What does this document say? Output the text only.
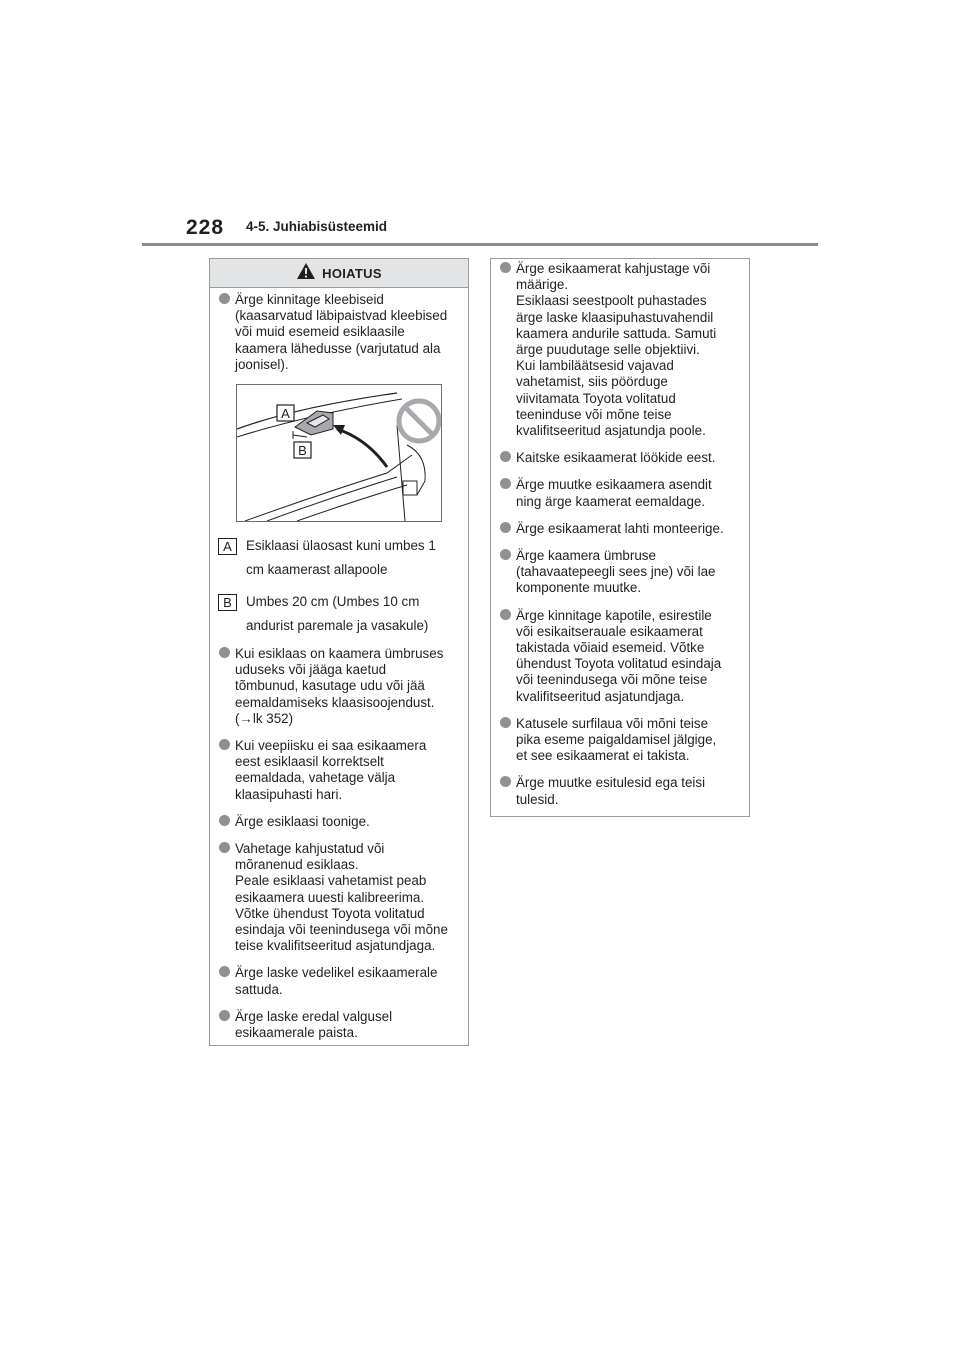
228 4-5. Juhiabisüsteemid
HOIATUS
Ärge kinnitage kleebiseid
(kaasarvatud läbipaistvad kleebised
või muid esemeid esiklaasile
kaamera lähedusse (varjutatud ala
joonisel).
A
B
A	Esiklaasi ülaosast kuni umbes 1
cm kaamerast allapoole
B	Umbes 20 cm (Umbes 10 cm
andurist paremale ja vasakule)
Kui esiklaas on kaamera ümbruses
uduseks või jääga kaetud
tõmbunud, kasutage udu või jää
eemaldamiseks klaasisoojendust.
(→lk 352)
Kui veepiisku ei saa esikaamera
eest esiklaasil korrektselt
eemaldada, vahetage välja
klaasipuhasti hari.
Ärge esiklaasi toonige.
Vahetage kahjustatud või
mõranenud esiklaas.
Peale esiklaasi vahetamist peab
esikaamera uuesti kalibreerima.
Võtke ühendust Toyota volitatud
esindaja või teenindusega või mõne
teise kvalifitseeritud asjatundjaga.
Ärge laske vedelikel esikaamerale
sattuda.
Ärge laske eredal valgusel
esikaamerale paista.
Ärge esikaamerat kahjustage või
määrige.
Esiklaasi seestpoolt puhastades
ärge laske klaasipuhastuvahendil
kaamera andurile sattuda. Samuti
ärge puudutage selle objektiivi.
Kui lambiläätsesid vajavad
vahetamist, siis pöörduge
viivitamata Toyota volitatud
teeninduse või mõne teise
kvalifitseeritud asjatundja poole.
Kaitske esikaamerat löökide eest.
Ärge muutke esikaamera asendit
ning ärge kaamerat eemaldage.
Ärge esikaamerat lahti monteerige.
Ärge kaamera ümbruse
(tahavaatepeegli sees jne) või lae
komponente muutke.
Ärge kinnitage kapotile, esirestile
või esikaitserauale esikaamerat
takistada võiaid esemeid. Võtke
ühendust Toyota volitatud esindaja
või teenindusega või mõne teise
kvalifitseeritud asjatundjaga.
Katusele surfilaua või mõni teise
pika eseme paigaldamisel jälgige,
et see esikaamerat ei takista.
Ärge muutke esitulesid ega teisi
tulesid.
